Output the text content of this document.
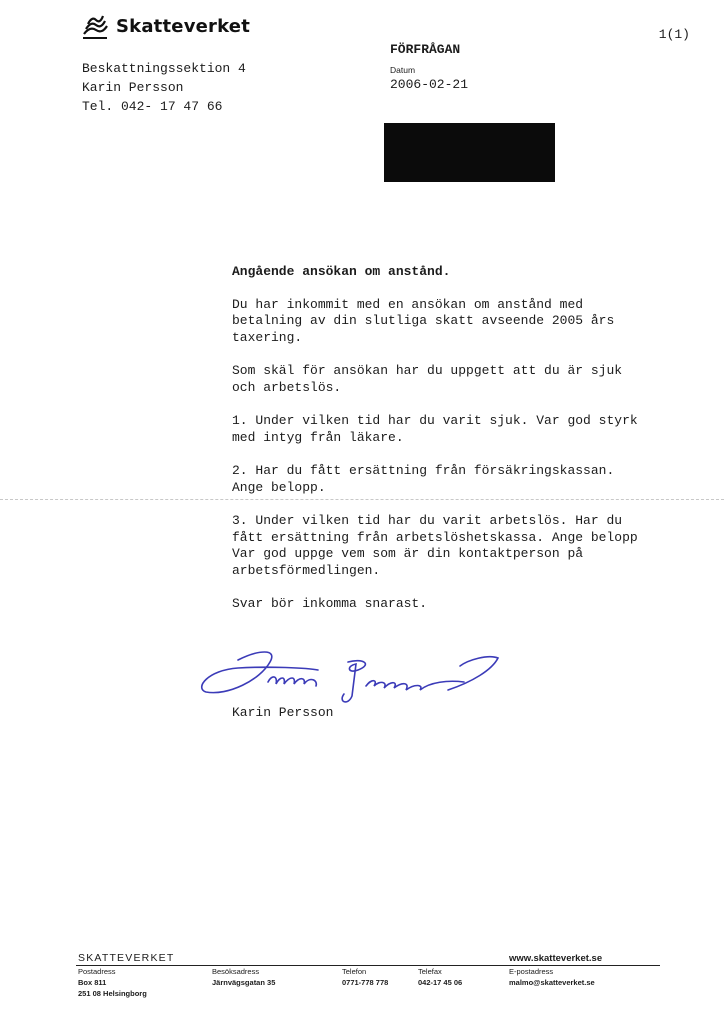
Skatteverket	1(1)
Beskattningssektion 4
Karin Persson
Tel. 042- 17 47 66
FÖRFRÅGAN
Datum
2006-02-21
Angående ansökan om anstånd.

Du har inkommit med en ansökan om anstånd med
betalning av din slutliga skatt avseende 2005 års
taxering.

Som skäl för ansökan har du uppgett att du är sjuk
och arbetslös.

1. Under vilken tid har du varit sjuk. Var god styrk
med intyg från läkare.

2. Har du fått ersättning från försäkringskassan.
Ange belopp.

3. Under vilken tid har du varit arbetslös. Har du
fått ersättning från arbetslöshetskassa. Ange belopp
Var god uppge vem som är din kontaktperson på
arbetsförmedlingen.

Svar bör inkomma snarast.

Karin Persson
SKATTEVERKET	www.skatteverket.se
Postadress
Box 811
251 08 Helsingborg
Besöksadress
Järnvägsgatan 35
Telefon
0771-778 778
Telefax
042-17 45 06
E-postadress
malmo@skatteverket.se
